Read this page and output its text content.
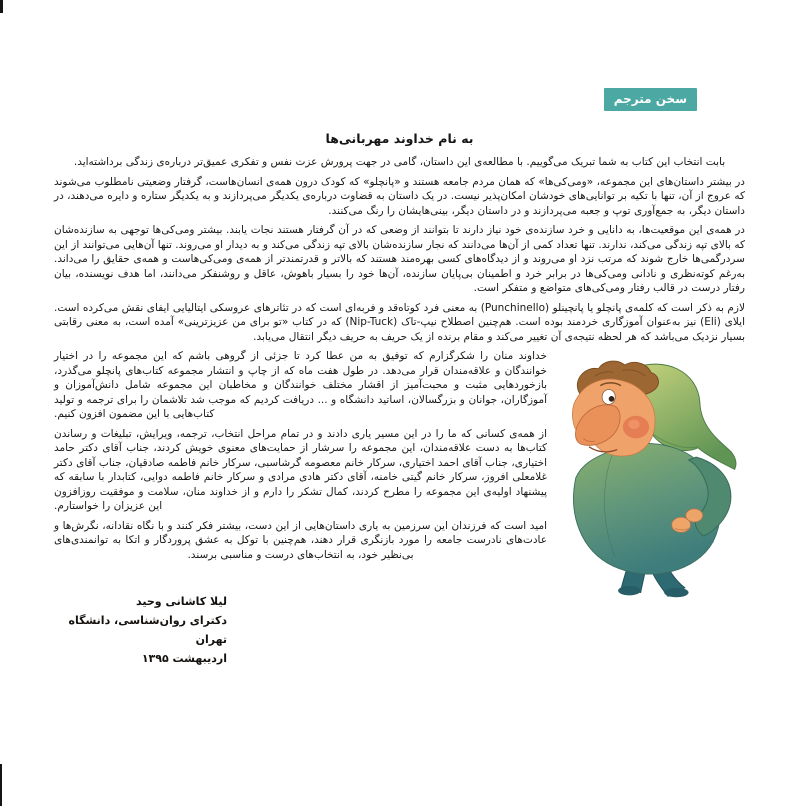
سخن مترجم
به نام خداوند مهربانی‌ها

بابت انتخاب این کتاب به شما تبریک می‌گوییم. با مطالعه‌ی این داستان، گامی در جهت پرورش عزت نفس و تفکری عمیق‌تر درباره‌ی زندگی برداشته‌اید.

در بیشتر داستان‌های این مجموعه، «ومی‌کی‌ها» که همان مردم جامعه هستند و «پانچلو» که کودک درون همه‌ی انسان‌هاست، گرفتار وضعیتی نامطلوب می‌شوند که عروج از آن، تنها با تکیه بر توانایی‌های خودشان امکان‌پذیر نیست. در یک داستان به قضاوت درباره‌ی یکدیگر می‌پردازند و به یکدیگر ستاره و دایره می‌دهند، در داستان دیگر، به جمع‌آوری توپ و جعبه می‌پردازند و در داستان دیگر، بینی‌هایشان را رنگ می‌کنند.

در همه‌ی این موقعیت‌ها، به دانایی و خرد سازنده‌ی خود نیاز دارند تا بتوانند از وضعی که در آن گرفتار هستند نجات یابند. بیشتر ومی‌کی‌ها توجهی به سازنده‌شان که بالای تپه زندگی می‌کند، ندارند. تنها تعداد کمی از آن‌ها می‌دانند که نجار سازنده‌شان بالای تپه زندگی می‌کند و به دیدار او می‌روند. تنها آن‌هایی می‌توانند از این سردرگمی‌ها خارج شوند که مرتب نزد او می‌روند و از دیدگاه‌های کسی بهره‌مند هستند که بالاتر و قدرتمندتر از همه‌ی ومی‌کی‌هاست و همه‌ی حقایق را می‌داند. به‌رغم کوته‌نظری و نادانی ومی‌کی‌ها در برابر خرد و اطمینان بی‌پایان سازنده، آن‌ها خود را بسیار باهوش، عاقل و روشنفکر می‌دانند، اما هدف نویسنده، بیان رفتار درست در قالب رفتار ومی‌کی‌های متواضع و متفکر است.

لازم به ذکر است که کلمه‌ی پانچلو یا پانچینلو (Punchinello) به معنی فرد کوتاه‌قد و فربه‌ای است که در تئاترهای عروسکی ایتالیایی ایفای نقش می‌کرده است. ایلای (Eli) نیز به‌عنوان آموزگاری خردمند بوده است. هم‌چنین اصطلاح نیپ-تاک (Nip-Tuck) که در کتاب «تو برای من عزیزترینی» آمده است، به معنی رقابتی بسیار نزدیک می‌باشد که هر لحظه نتیجه‌ی آن تغییر می‌کند و مقام برنده از یک حریف به حریف دیگر انتقال می‌یابد.

خداوند منان را شکرگزارم که توفیق به من عطا کرد تا جزئی از گروهی باشم که این مجموعه را در اختیار خوانندگان و علاقه‌مندان قرار می‌دهد. در طول هفت ماه که از چاپ و انتشار مجموعه کتاب‌های پانچلو می‌گذرد، بازخوردهایی مثبت و محبت‌آمیز از اقشار مختلف خوانندگان و مخاطبان این مجموعه شامل دانش‌آموزان و آموزگاران، جوانان و بزرگسالان، اساتید دانشگاه و ... دریافت کردیم که موجب شد تلاشمان را برای ترجمه و تولید کتاب‌هایی با این مضمون افزون کنیم.

از همه‌ی کسانی که ما را در این مسیر یاری دادند و در تمام مراحل انتخاب، ترجمه، ویرایش، تبلیغات و رساندن کتاب‌ها به دست علاقه‌مندان، این مجموعه را سرشار از حمایت‌های معنوی خویش کردند، جناب آقای دکتر حامد اختیاری، جناب آقای احمد اختیاری، سرکار خانم معصومه گرشاسبی، سرکار خانم فاطمه صادقیان، جناب آقای دکتر غلامعلی افروز، سرکار خانم گیتی خامنه، آقای دکتر هادی مرادی و سرکار خانم فاطمه دوایی، کتابدار با سابقه که پیشنهاد اولیه‌ی این مجموعه را مطرح کردند، کمال تشکر را دارم و از خداوند منان، سلامت و موفقیت روزافزون این عزیزان را خواستارم.

امید است که فرزندان این سرزمین به یاری داستان‌هایی از این دست، بیشتر فکر کنند و با نگاه نقادانه، نگرش‌ها و عادت‌های نادرست جامعه را مورد بازنگری قرار دهند، هم‌چنین با توکل به عشق پروردگار و اتکا به توانمندی‌های بی‌نظیر خود، به انتخاب‌های درست و مناسبی برسند.

لیلا کاشانی وحید
دکترای روان‌شناسی، دانشگاه تهران
اردیبهشت ۱۳۹۵
